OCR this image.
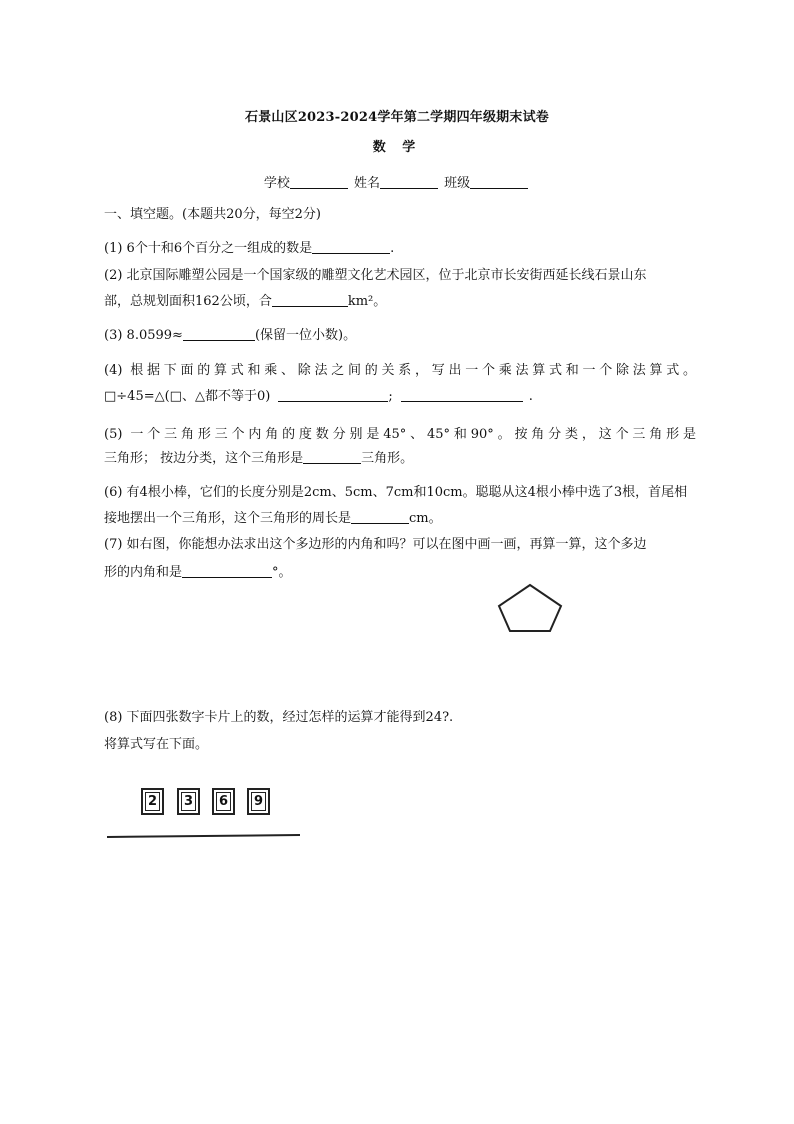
石景山区2023-2024学年第二学期四年级期末试卷
数 学
学校	姓名	班级
一、填空题。(本题共20分，每空2分)
(1) 6个十和6个百分之一组成的数是	.
(2) 北京国际雕塑公园是一个国家级的雕塑文化艺术园区，位于北京市长安街西延长线石景山东
部，总规划面积162公顷，合	km²。
(3) 8.0599≈	(保留一位小数)。
(4) 根据下面的算式和乘、除法之间的关系，写出一个乘法算式和一个除法算式。
□÷45=△(□、△都不等于0)	;	.
(5) 一个三角形三个内角的度数分别是45°、45°和90°。按角分类，这个三角形是
三角形； 按边分类，这个三角形是	三角形。
(6) 有4根小棒，它们的长度分别是2cm、5cm、7cm和10cm。聪聪从这4根小棒中选了3根，首尾相
接地摆出一个三角形，这个三角形的周长是	cm。
(7) 如右图，你能想办法求出这个多边形的内角和吗？可以在图中画一画，再算一算，这个多边
形的内角和是	°。
(8) 下面四张数字卡片上的数，经过怎样的运算才能得到24?.
将算式写在下面。
2	3	6	9
